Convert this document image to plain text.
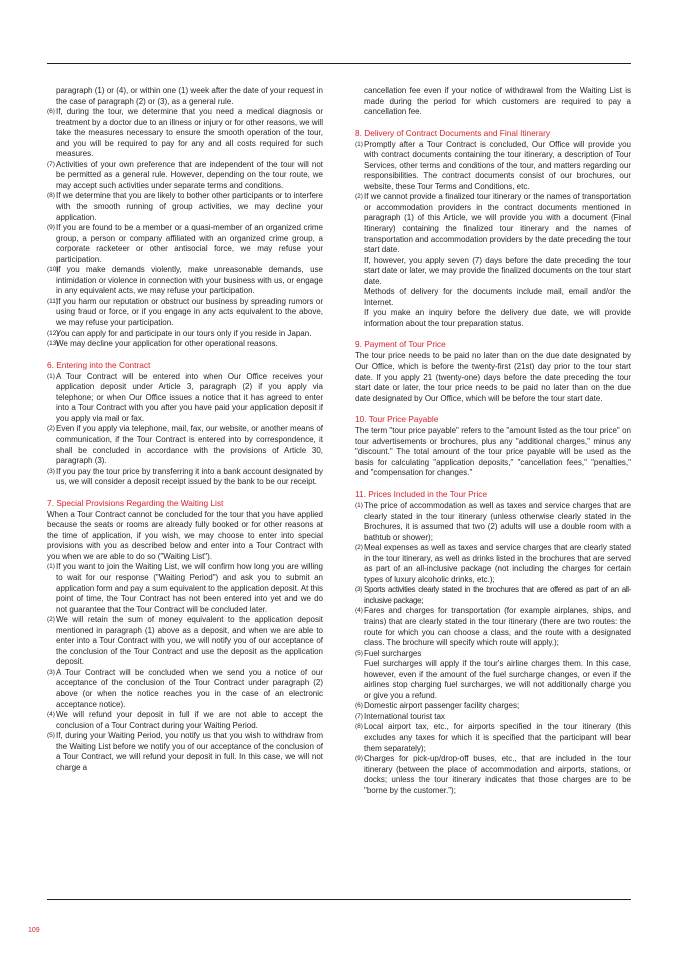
paragraph (1) or (4), or within one (1) week after the date of your request in the case of paragraph (2) or (3), as a general rule.

(6) If, during the tour, we determine that you need a medical diagnosis or treatment by a doctor due to an illness or injury or for other reasons, we will take the measures necessary to ensure the smooth operation of the tour, and you will be required to pay for any and all costs required for such measures.

(7) Activities of your own preference that are independent of the tour will not be permitted as a general rule. However, depending on the tour route, we may accept such activities under separate terms and conditions.

(8) If we determine that you are likely to bother other participants or to interfere with the smooth running of group activities, we may decline your application.

(9) If you are found to be a member or a quasi-member of an organized crime group, a person or company affiliated with an organized crime group, a corporate racketeer or other antisocial force, we may refuse your participation.

(10)
If you make demands violently, make unreasonable demands, use intimidation or violence in connection with your business with us, or engage in any equivalent acts, we may refuse your participation.

(11)
If you harm our reputation or obstruct our business by spreading rumors or using fraud or force, or if you engage in any acts equivalent to the above, we may refuse your participation.

(12)
You can apply for and participate in our tours only if you reside in Japan.

(13)
We may decline your application for other operational reasons.

6. Entering into the Contract

(1) A Tour Contract will be entered into when Our Office receives your application deposit under Article 3, paragraph (2) if you apply via telephone; or when Our Office issues a notice that it has agreed to enter into a Tour Contract with you after you have paid your application deposit if you apply via mail or fax.

(2) Even if you apply via telephone, mail, fax, our website, or another means of communication, if the Tour Contract is entered into by correspondence, it shall be concluded in accordance with the provisions of Article 30, paragraph (3).

(3) If you pay the tour price by transferring it into a bank account designated by us, we will consider a deposit receipt issued by the bank to be our receipt.

7. Special Provisions Regarding the Waiting List

When a Tour Contract cannot be concluded for the tour that you have applied because the seats or rooms are already fully booked or for other reasons at the time of application, if you wish, we may choose to enter into special provisions with you as described below and enter into a Tour Contract with you when we are able to do so ("Waiting List").

(1) If you want to join the Waiting List, we will confirm how long you are willing to wait for our response ("Waiting Period") and ask you to submit an application form and pay a sum equivalent to the application deposit. At this point of time, the Tour Contract has not been entered into yet and we do not guarantee that the Tour Contract will be concluded later.

(2) We will retain the sum of money equivalent to the application deposit mentioned in paragraph (1) above as a deposit, and when we are able to enter into a Tour Contract with you, we will notify you of our acceptance of the conclusion of the Tour Contract and use the deposit as the application deposit.

(3) A Tour Contract will be concluded when we send you a notice of our acceptance of the conclusion of the Tour Contract under paragraph (2) above (or when the notice reaches you in the case of an electronic acceptance notice).

(4) We will refund your deposit in full if we are not able to accept the conclusion of a Tour Contract during your Waiting Period.

(5) If, during your Waiting Period, you notify us that you wish to withdraw from the Waiting List before we notify you of our acceptance of the conclusion of a Tour Contract, we will refund your deposit in full. In this case, we will not charge a

cancellation fee even if your notice of withdrawal from the Waiting List is made during the period for which customers are required to pay a cancellation fee.

8. Delivery of Contract Documents and Final Itinerary

(1) Promptly after a Tour Contract is concluded, Our Office will provide you with contract documents containing the tour itinerary, a description of Tour Services, other terms and conditions of the tour, and matters regarding our responsibilities. The contract documents consist of our brochures, our website, these Tour Terms and Conditions, etc.

(2) If we cannot provide a finalized tour itinerary or the names of transportation or accommodation providers in the contract documents mentioned in paragraph (1) of this Article, we will provide you with a document (Final Itinerary) containing the finalized tour itinerary and the names of transportation and accommodation providers by the date preceding the tour start date.

If, however, you apply seven (7) days before the date preceding the tour start date or later, we may provide the finalized documents on the tour start date.

Methods of delivery for the documents include mail, email and/or the Internet.

If you make an inquiry before the delivery due date, we will provide information about the tour preparation status.

9. Payment of Tour Price

The tour price needs to be paid no later than on the due date designated by Our Office, which is before the twenty-first (21st) day prior to the tour start date. If you apply 21 (twenty-one) days before the date preceding the tour start date or later, the tour price needs to be paid no later than on the due date designated by Our Office, which will be before the tour start date.

10. Tour Price Payable

The term "tour price payable" refers to the "amount listed as the tour price" on tour advertisements or brochures, plus any "additional charges," minus any "discount." The total amount of the tour price payable will be used as the basis for calculating "application deposits," "cancellation fees," "penalties," and "compensation for changes."

11. Prices Included in the Tour Price

(1) The price of accommodation as well as taxes and service charges that are clearly stated in the tour itinerary (unless otherwise clearly stated in the Brochures, it is assumed that two (2) adults will use a double room with a bathtub or shower);

(2) Meal expenses as well as taxes and service charges that are clearly stated in the tour itinerary, as well as drinks listed in the brochures that are served as part of an all-inclusive package (not including the charges for certain types of luxury alcoholic drinks, etc.);

(3) Sports activities clearly stated in the brochures that are offered as part of an all-inclusive package;

(4) Fares and charges for transportation (for example airplanes, ships, and trains) that are clearly stated in the tour itinerary (there are two routes: the route for which you can choose a class, and the route with a designated class. The brochure will specify which route will apply.);

(5) Fuel surcharges

Fuel surcharges will apply if the tour's airline charges them. In this case, however, even if the amount of the fuel surcharge changes, or even if the airlines stop charging fuel surcharges, we will not additionally charge you or give you a refund.

(6) Domestic airport passenger facility charges;

(7) International tourist tax

(8) Local airport tax, etc., for airports specified in the tour itinerary (this excludes any taxes for which it is specified that the participant will bear them separately);

(9) Charges for pick-up/drop-off buses, etc., that are included in the tour itinerary (between the place of accommodation and airports, stations, or docks; unless the tour itinerary indicates that those charges are to be "borne by the customer.");

109
